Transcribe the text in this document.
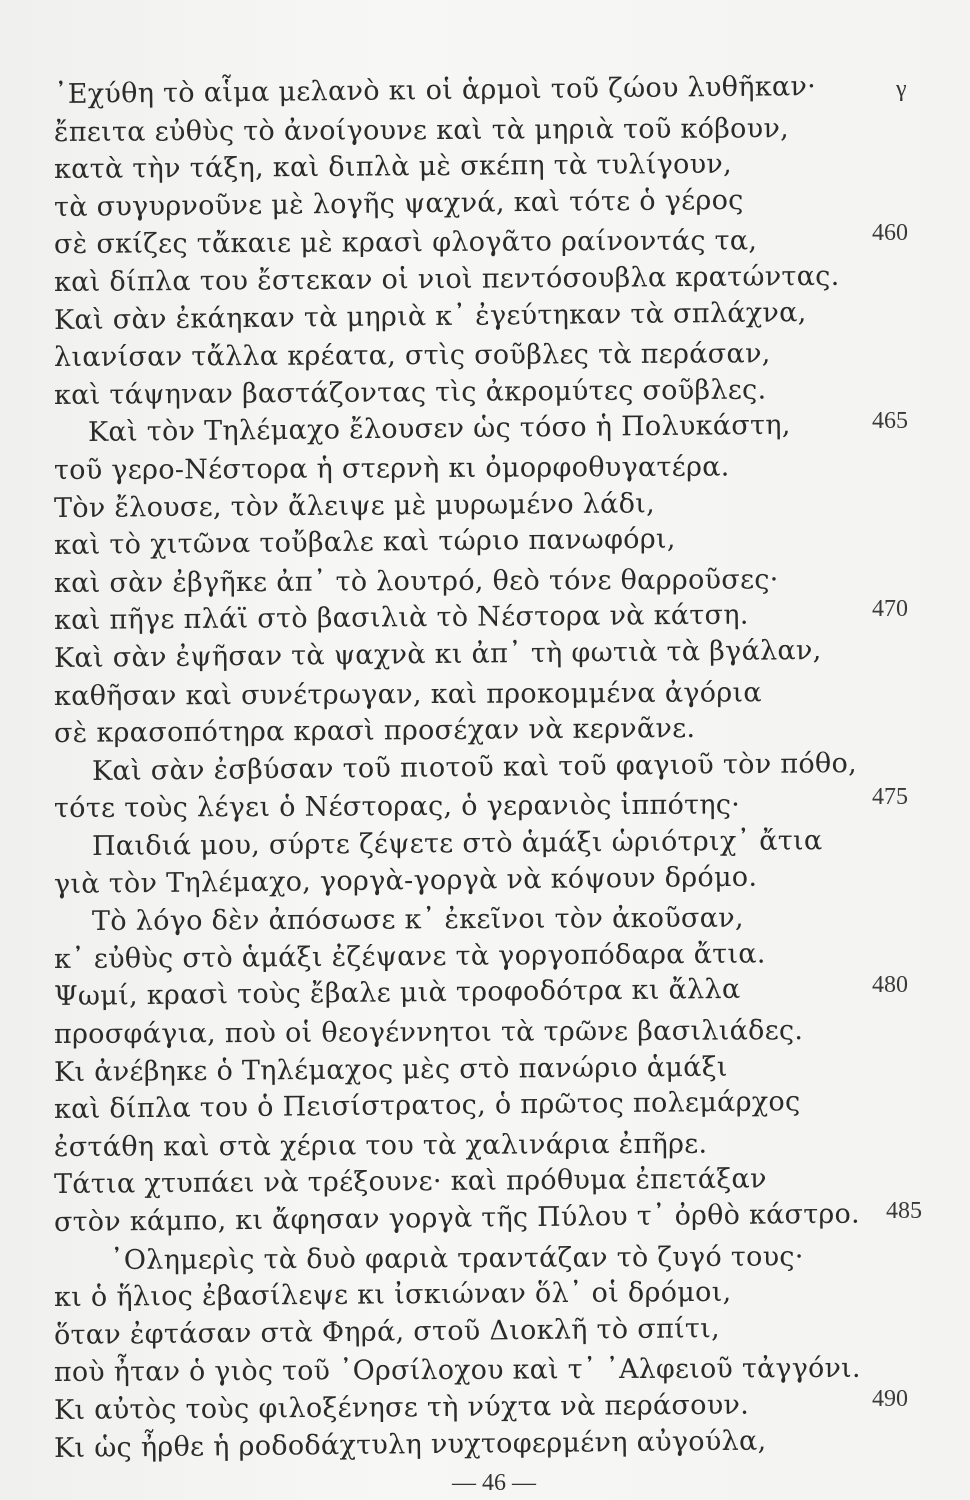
γ
᾿Εχύθη τὸ αἷμα μελανὸ κι οἱ ἁρμοὶ τοῦ ζώου λυθῆκαν·
ἔπειτα εὐθὺς τὸ ἀνοίγουνε καὶ τὰ μηριὰ τοῦ κόβουν,
κατὰ τὴν τάξη, καὶ διπλὰ μὲ σκέπη τὰ τυλίγουν,
τὰ συγυρνοῦνε μὲ λογῆς ψαχνά, καὶ τότε ὁ γέρος
σὲ σκίζες τἄκαιε μὲ κρασὶ φλογᾶτο ραίνοντάς τα,	460
καὶ δίπλα του ἔστεκαν οἱ νιοὶ πεντόσουβλα κρατώντας.
Καὶ σὰν ἐκάηκαν τὰ μηριὰ κ᾿ ἐγεύτηκαν τὰ σπλάχνα,
λιανίσαν τἄλλα κρέατα, στὶς σοῦβλες τὰ περάσαν,
καὶ τάψηναν βαστάζοντας τὶς ἀκρομύτες σοῦβλες.
Καὶ τὸν Τηλέμαχο ἔλουσεν ὡς τόσο ἡ Πολυκάστη,	465
τοῦ γερο-Νέστορα ἡ στερνὴ κι ὀμορφοθυγατέρα.
Τὸν ἔλουσε, τὸν ἄλειψε μὲ μυρωμένο λάδι,
καὶ τὸ χιτῶνα τοὔβαλε καὶ τώριο πανωφόρι,
καὶ σὰν ἐβγῆκε ἀπ᾿ τὸ λουτρό, θεὸ τόνε θαρροῦσες·
καὶ πῆγε πλάϊ στὸ βασιλιὰ τὸ Νέστορα νὰ κάτση.	470
Καὶ σὰν ἐψῆσαν τὰ ψαχνὰ κι ἀπ᾿ τὴ φωτιὰ τὰ βγάλαν,
καθῆσαν καὶ συνέτρωγαν, καὶ προκομμένα ἀγόρια
σὲ κρασοπότηρα κρασὶ προσέχαν νὰ κερνᾶνε.
Καὶ σὰν ἐσβύσαν τοῦ πιοτοῦ καὶ τοῦ φαγιοῦ τὸν πόθο,
τότε τοὺς λέγει ὁ Νέστορας, ὁ γερανιὸς ἱππότης·	475
Παιδιά μου, σύρτε ζέψετε στὸ ἁμάξι ὡριότριχ᾿ ἄτια
γιὰ τὸν Τηλέμαχο, γοργὰ-γοργὰ νὰ κόψουν δρόμο.
Τὸ λόγο δὲν ἀπόσωσε κ᾿ ἐκεῖνοι τὸν ἀκοῦσαν,
κ᾿ εὐθὺς στὸ ἁμάξι ἐζέψανε τὰ γοργοπόδαρα ἄτια.
Ψωμί, κρασὶ τοὺς ἔβαλε μιὰ τροφοδότρα κι ἄλλα	480
προσφάγια, ποὺ οἱ θεογέννητοι τὰ τρῶνε βασιλιάδες.
Κι ἀνέβηκε ὁ Τηλέμαχος μὲς στὸ πανώριο ἁμάξι
καὶ δίπλα του ὁ Πεισίστρατος, ὁ πρῶτος πολεμάρχος
ἐστάθη καὶ στὰ χέρια του τὰ χαλινάρια ἐπῆρε.
Τάτια χτυπάει νὰ τρέξουνε· καὶ πρόθυμα ἐπετάξαν
στὸν κάμπο, κι ἄφησαν γοργὰ τῆς Πύλου τ᾿ ὀρθὸ κάστρο. 485
᾿Ολημερὶς τὰ δυὸ φαριὰ τραντάζαν τὸ ζυγό τους·
κι ὁ ἥλιος ἐβασίλεψε κι ἰσκιώναν ὅλ᾿ οἱ δρόμοι,
ὅταν ἐφτάσαν στὰ Φηρά, στοῦ Διοκλῆ τὸ σπίτι,
ποὺ ἦταν ὁ γιὸς τοῦ ᾿Ορσίλοχου καὶ τ᾿ ᾿Αλφειοῦ τἀγγόνι.
Κι αὐτὸς τοὺς φιλοξένησε τὴ νύχτα νὰ περάσουν.	490
Κι ὡς ἦρθε ἡ ροδοδάχτυλη νυχτοφερμένη αὐγούλα,
— 46 —
